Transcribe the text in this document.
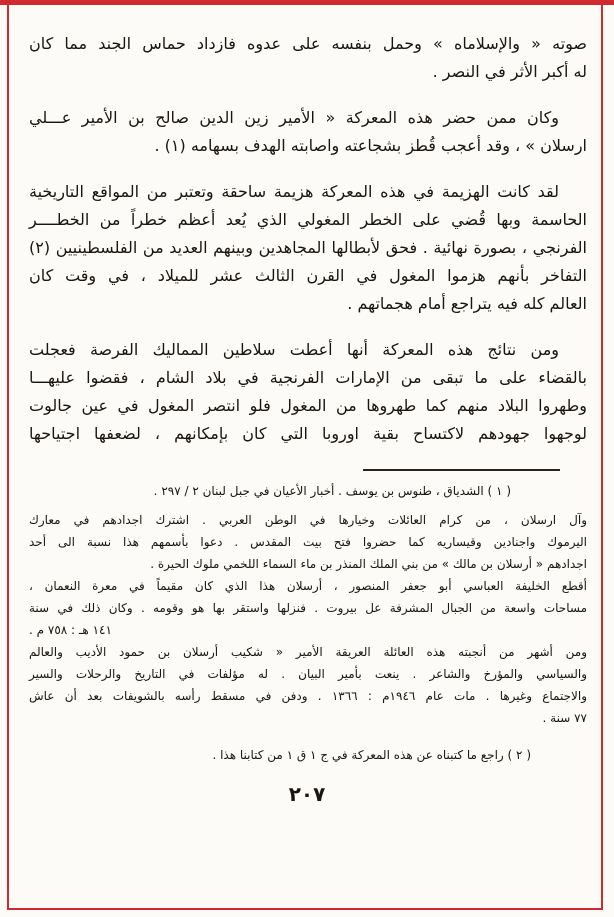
صوته « والإسلاماه » وحمل بنفسه على عدوه فازداد حماس الجند مما كان
له أكبر الأثر في النصر .
وكان ممن حضر هذه المعركة « الأمير زين الدين صالح بن الأمير عـــلي
ارسلان » ، وقد أعجب قُطز بشجاعته واصابته الهدف بسهامه (١) .
لقد كانت الهزيمة في هذه المعركة هزيمة ساحقة وتعتبر من المواقع التاريخية
الحاسمة وبها قُضي على الخطر المغولي الذي يُعد أعظم خطراً من الخطــــر
الفرنجي ، بصورة نهائية . فحق لأبطالها المجاهدين وبينهم العديد من الفلسطينيين (٢)
التفاخر بأنهم هزموا المغول في القرن الثالث عشر للميلاد ، في وقت كان
العالم كله فيه يتراجع أمام هجماتهم .
ومن نتائج هذه المعركة أنها أعطت سلاطين المماليك الفرصة فعجلت
بالقضاء على ما تبقى من الإمارات الفرنجية في بلاد الشام ، فقضوا عليهـــا
وطهروا البلاد منهم كما طهروها من المغول فلو انتصر المغول في عين جالوت
لوجهوا جهودهم لاكتساح بقية اوروبا التي كان بإمكانهم ، لضعفها اجتياحها
( ١ ) الشدياق ، طنوس بن يوسف . أخبار الأعيان في جبل لبنان ٢ / ٢٩٧ .
وآل ارسلان ، من كرام العائلات وخيارها في الوطن العربي . اشترك اجدادهم في معارك
اليرموك واجنادين وقيساريه كما حضروا فتح بيت المقدس . دعوا بأسمهم هذا نسبة الى أحد
اجدادهم « أرسلان بن مالك » من بني الملك المنذر بن ماء السماء اللخمي ملوك الحيرة .
أقطع الخليفة العباسي أبو جعفر المنصور ، أرسلان هذا الذي كان مقيماً في معرة النعمان ،
مساحات واسعة من الجبال المشرفة عل بيروت . فنزلها واستقر بها هو وقومه . وكان ذلك في سنة
١٤١ هـ : ٧٥٨ م .
ومن أشهر من أنجبته هذه العائلة العريقة الأمير « شكيب أرسلان بن حمود الأديب والعالم
والسياسي والمؤرخ والشاعر . ينعت بأمير البيان . له مؤلفات في التاريخ والرحلات والسير
والاجتماع وغيرها . مات عام ١٩٤٦م : ١٣٦٦ . ودفن في مسقط رأسه بالشويفات بعد أن عاش
٧٧ سنة .
( ٢ ) راجع ما كتبناه عن هذه المعركة في ج ١ ق ١ من كتابنا هذا .
٢٠٧
